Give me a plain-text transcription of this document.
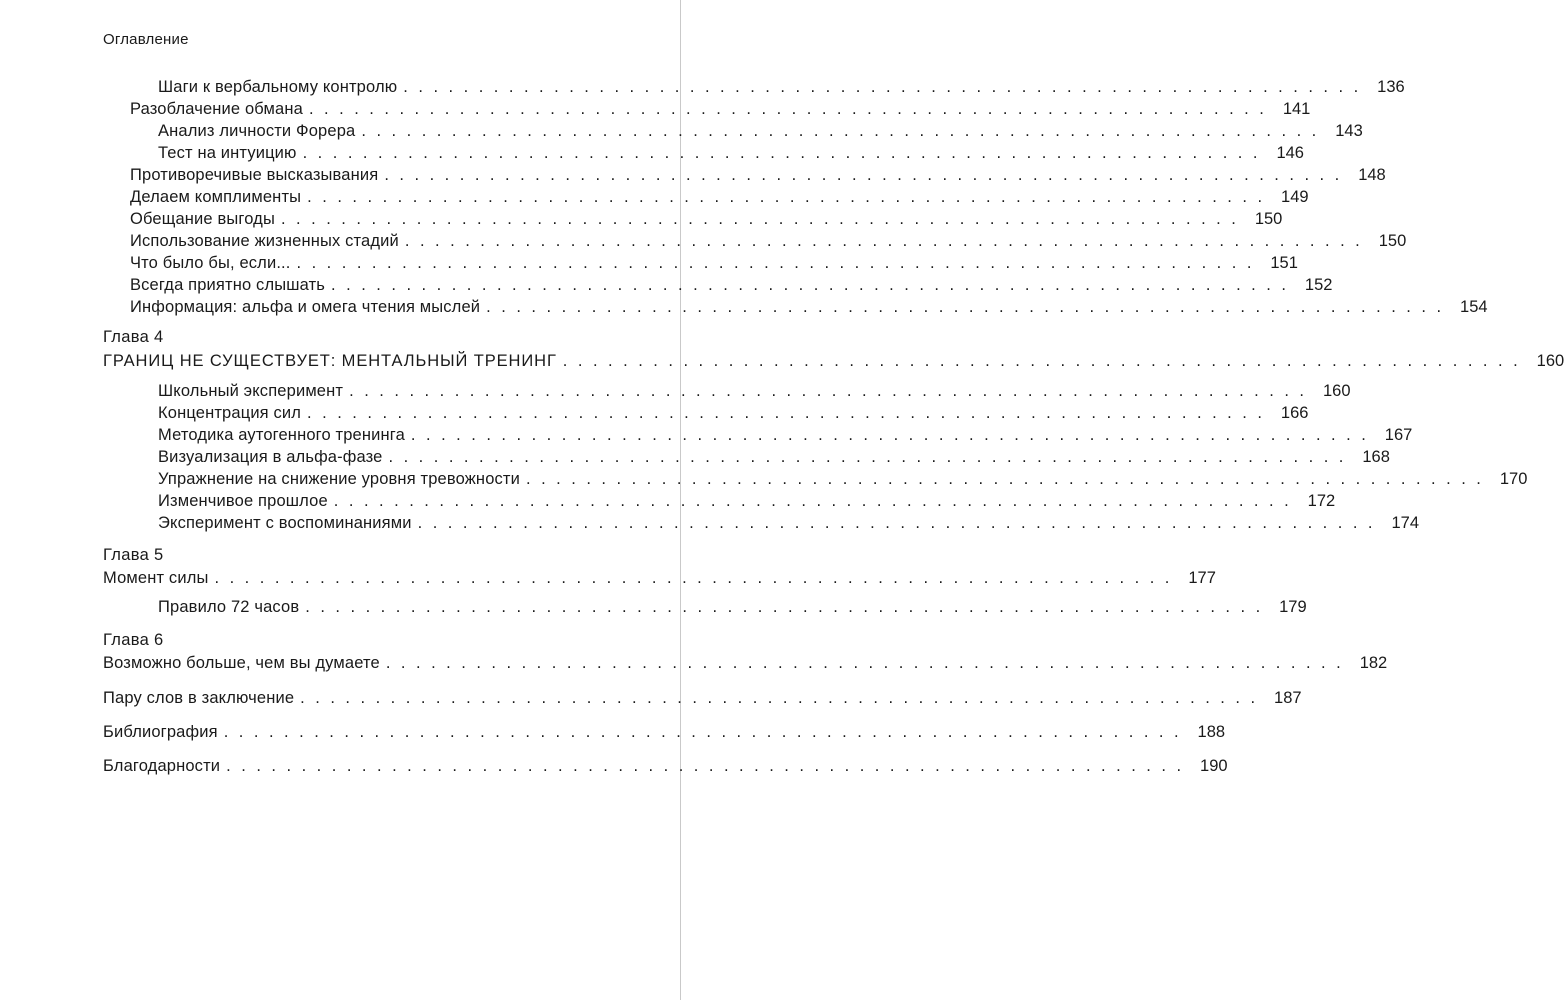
Оглавление
Шаги к вербальному контролю ................................................................ 136
Разоблачение обмана ................................................................ 141
Анализ личности Форера ................................................................ 143
Тест на интуицию ................................................................ 146
Противоречивые высказывания ................................................................ 148
Делаем комплименты ................................................................ 149
Обещание выгоды ................................................................ 150
Использование жизненных стадий ................................................................ 150
Что было бы, если... ................................................................ 151
Всегда приятно слышать ................................................................ 152
Информация: альфа и омега чтения мыслей ................................................................ 154
Глава 4
ГРАНИЦ НЕ СУЩЕСТВУЕТ: МЕНТАЛЬНЫЙ ТРЕНИНГ ................................................................ 160
Школьный эксперимент ................................................................ 160
Концентрация сил ................................................................ 166
Методика аутогенного тренинга ................................................................ 167
Визуализация в альфа-фазе ................................................................ 168
Упражнение на снижение уровня тревожности ................................................................ 170
Изменчивое прошлое ................................................................ 172
Эксперимент с воспоминаниями ................................................................ 174
Глава 5
Момент силы ................................................................ 177
Правило 72 часов ................................................................ 179
Глава 6
Возможно больше, чем вы думаете ................................................................ 182
Пару слов в заключение ................................................................ 187
Библиография ................................................................ 188
Благодарности ................................................................ 190
